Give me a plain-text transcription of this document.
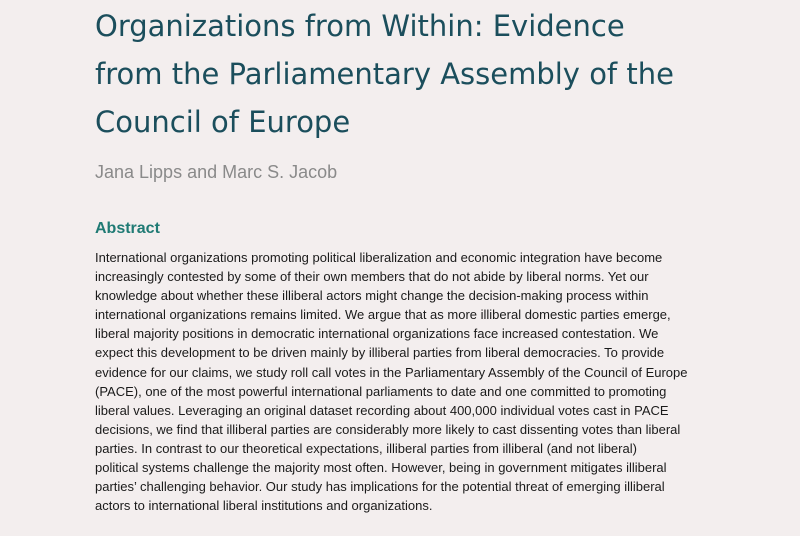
Organizations from Within: Evidence
from the Parliamentary Assembly of the
Council of Europe
Jana Lipps and Marc S. Jacob
Abstract
International organizations promoting political liberalization and economic integration have become
increasingly contested by some of their own members that do not abide by liberal norms. Yet our
knowledge about whether these illiberal actors might change the decision-making process within
international organizations remains limited. We argue that as more illiberal domestic parties emerge,
liberal majority positions in democratic international organizations face increased contestation. We
expect this development to be driven mainly by illiberal parties from liberal democracies. To provide
evidence for our claims, we study roll call votes in the Parliamentary Assembly of the Council of Europe
(PACE), one of the most powerful international parliaments to date and one committed to promoting
liberal values. Leveraging an original dataset recording about 400,000 individual votes cast in PACE
decisions, we find that illiberal parties are considerably more likely to cast dissenting votes than liberal
parties. In contrast to our theoretical expectations, illiberal parties from illiberal (and not liberal)
political systems challenge the majority most often. However, being in government mitigates illiberal
parties’ challenging behavior. Our study has implications for the potential threat of emerging illiberal
actors to international liberal institutions and organizations.
